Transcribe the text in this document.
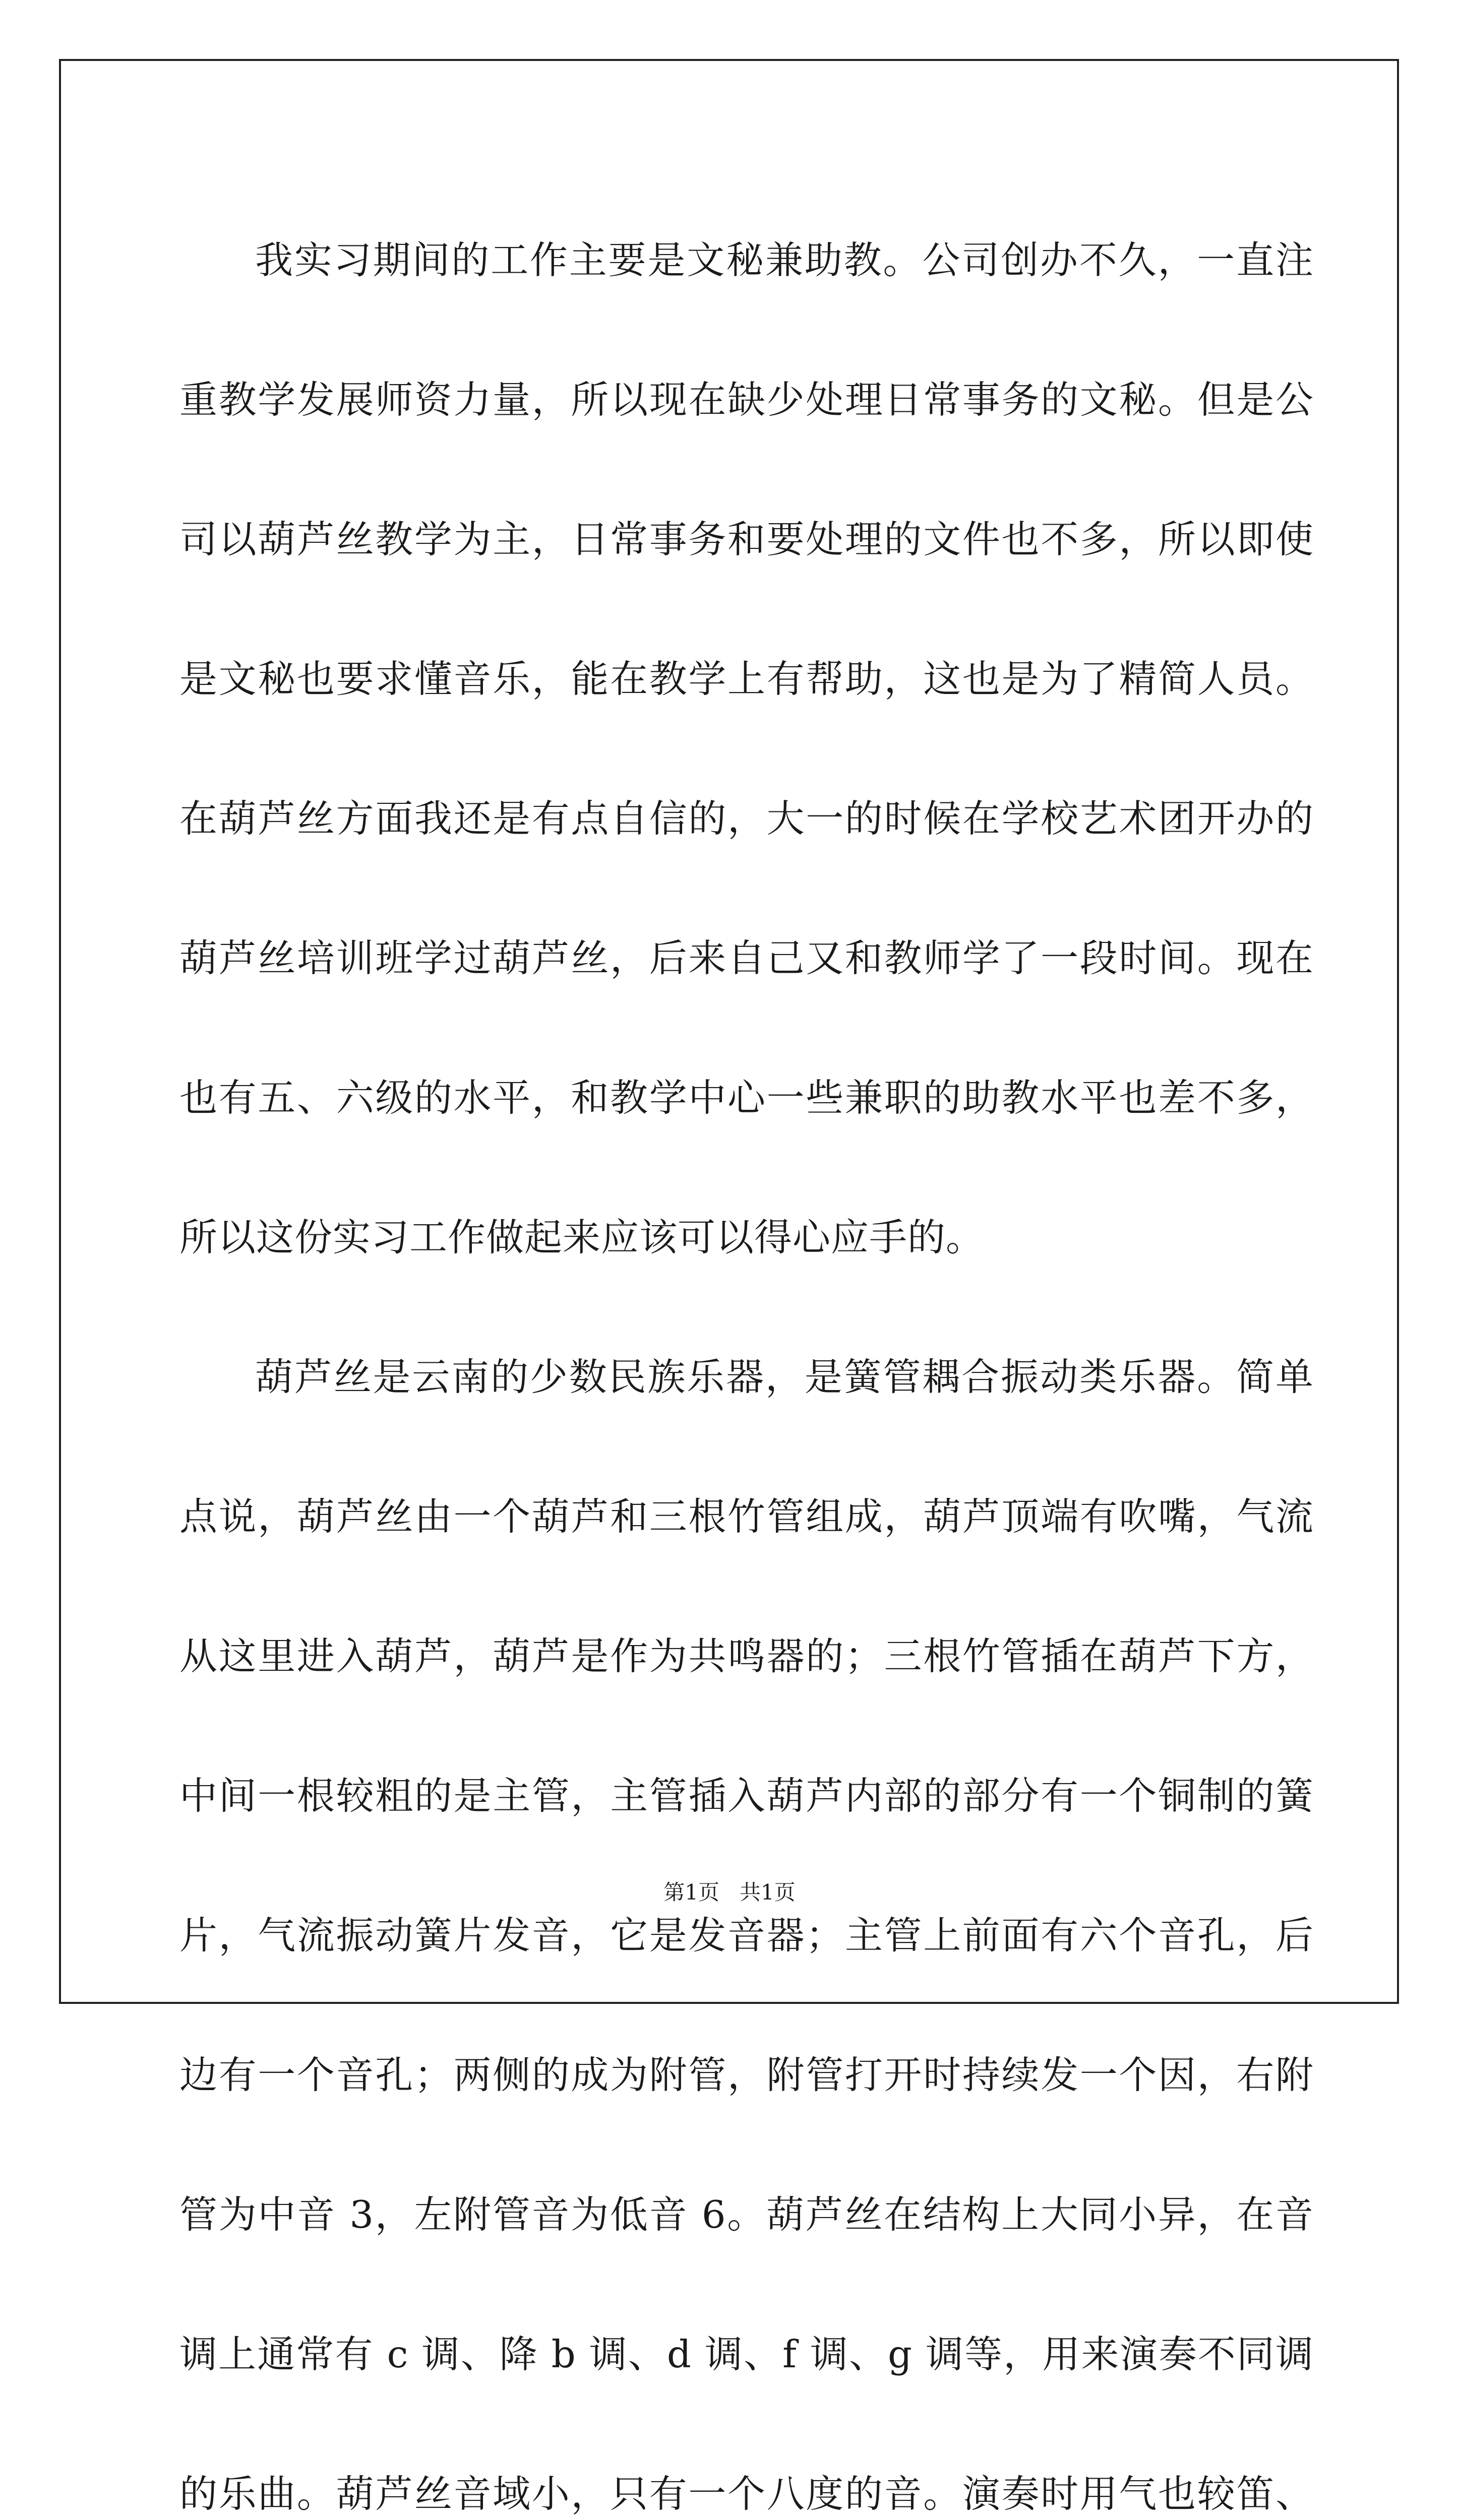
我实习期间的工作主要是文秘兼助教。公司创办不久，一直注重教学发展师资力量，所以现在缺少处理日常事务的文秘。但是公司以葫芦丝教学为主，日常事务和要处理的文件也不多，所以即使是文秘也要求懂音乐，能在教学上有帮助，这也是为了精简人员。在葫芦丝方面我还是有点自信的，大一的时候在学校艺术团开办的葫芦丝培训班学过葫芦丝，后来自己又和教师学了一段时间。现在也有五、六级的水平，和教学中心一些兼职的助教水平也差不多，所以这份实习工作做起来应该可以得心应手的。

葫芦丝是云南的少数民族乐器，是簧管耦合振动类乐器。简单点说，葫芦丝由一个葫芦和三根竹管组成，葫芦顶端有吹嘴，气流从这里进入葫芦，葫芦是作为共鸣器的；三根竹管插在葫芦下方，中间一根较粗的是主管，主管插入葫芦内部的部分有一个铜制的簧片，气流振动簧片发音，它是发音器；主管上前面有六个音孔，后边有一个音孔；两侧的成为附管，附管打开时持续发一个因，右附管为中音 3，左附管音为低音 6。葫芦丝在结构上大同小异，在音调上通常有 c 调、降 b 调、d 调、f 调、g 调等，用来演奏不同调的乐曲。葫芦丝音域小，只有一个八度的音。演奏时用气也较笛、

第1页   共1页
